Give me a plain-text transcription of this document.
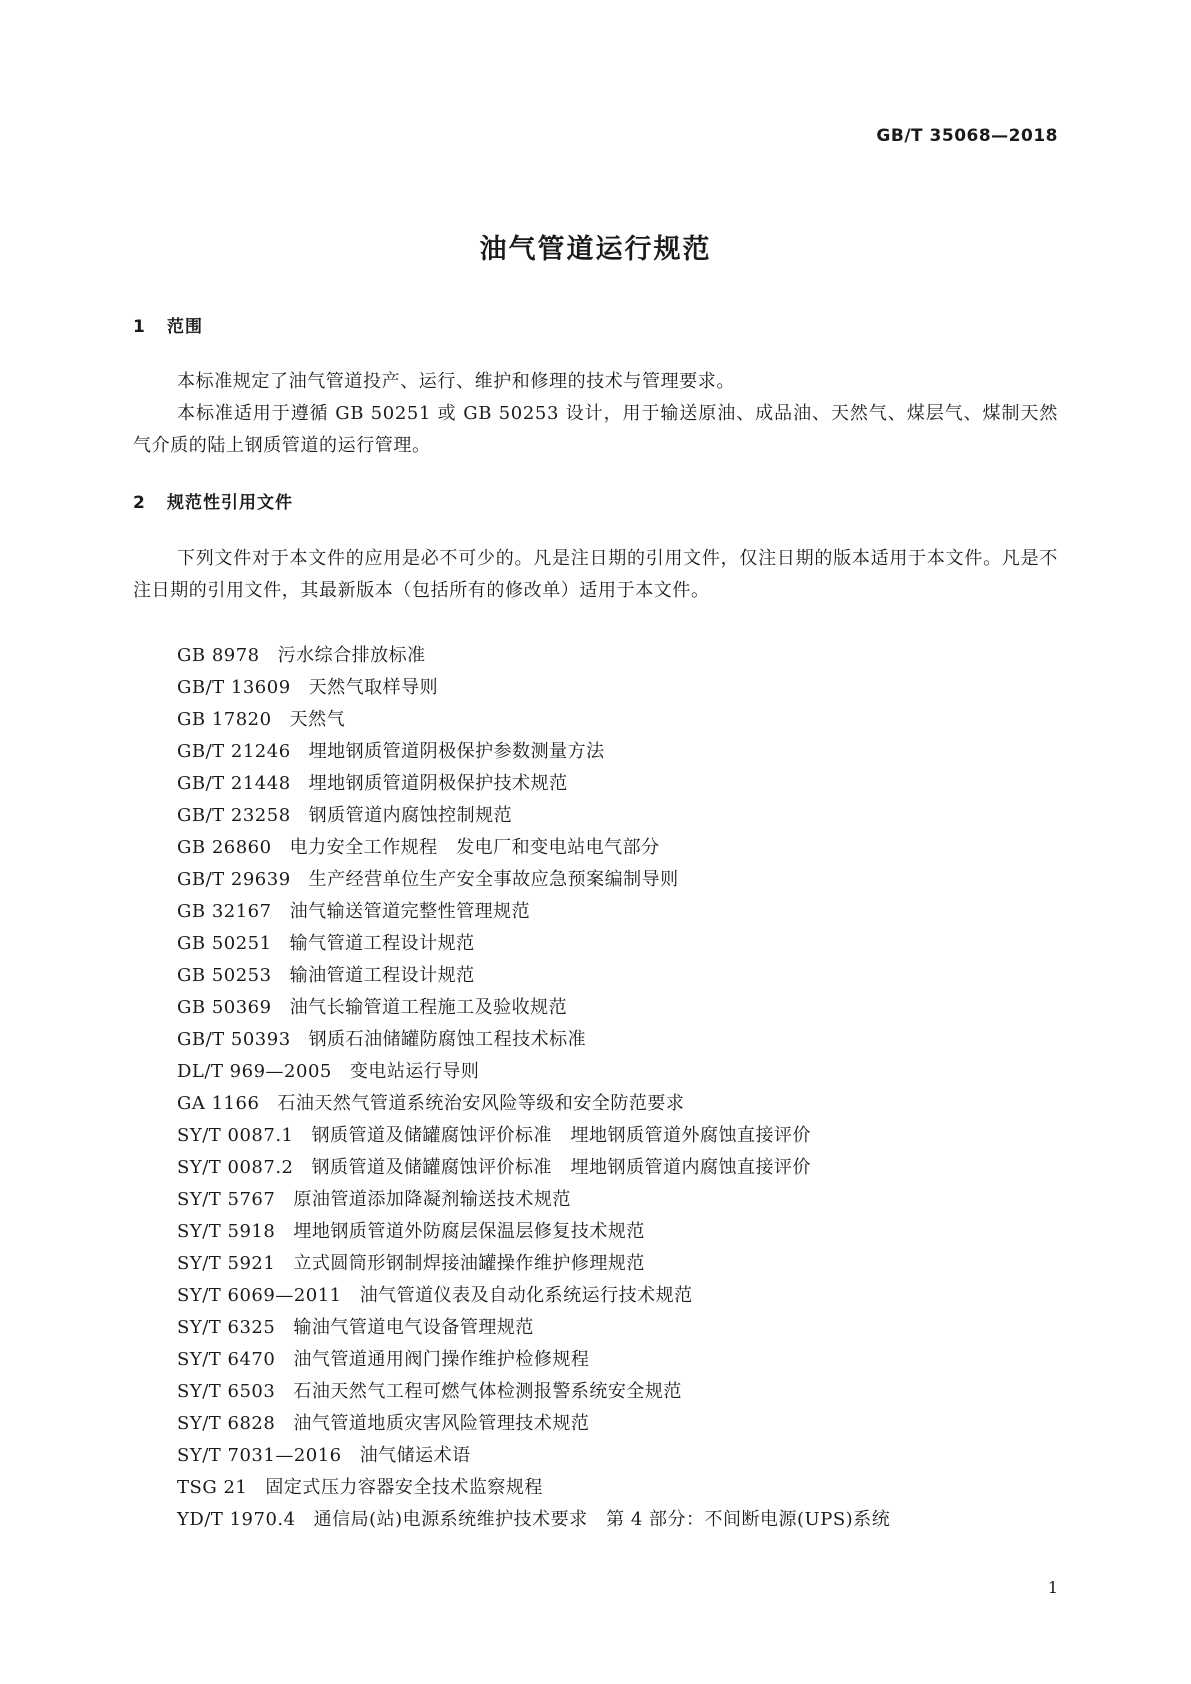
GB/T 35068—2018
油气管道运行规范
1 范围

本标准规定了油气管道投产、运行、维护和修理的技术与管理要求。

本标准适用于遵循 GB 50251 或 GB 50253 设计，用于输送原油、成品油、天然气、煤层气、煤制天然气介质的陆上钢质管道的运行管理。

2 规范性引用文件

下列文件对于本文件的应用是必不可少的。凡是注日期的引用文件，仅注日期的版本适用于本文件。凡是不注日期的引用文件，其最新版本（包括所有的修改单）适用于本文件。

GB 8978 污水综合排放标准
GB/T 13609 天然气取样导则
GB 17820 天然气
GB/T 21246 埋地钢质管道阴极保护参数测量方法
GB/T 21448 埋地钢质管道阴极保护技术规范
GB/T 23258 钢质管道内腐蚀控制规范
GB 26860 电力安全工作规程　发电厂和变电站电气部分
GB/T 29639 生产经营单位生产安全事故应急预案编制导则
GB 32167 油气输送管道完整性管理规范
GB 50251 输气管道工程设计规范
GB 50253 输油管道工程设计规范
GB 50369 油气长输管道工程施工及验收规范
GB/T 50393 钢质石油储罐防腐蚀工程技术标准
DL/T 969—2005 变电站运行导则
GA 1166 石油天然气管道系统治安风险等级和安全防范要求
SY/T 0087.1 钢质管道及储罐腐蚀评价标准　埋地钢质管道外腐蚀直接评价
SY/T 0087.2 钢质管道及储罐腐蚀评价标准　埋地钢质管道内腐蚀直接评价
SY/T 5767 原油管道添加降凝剂输送技术规范
SY/T 5918 埋地钢质管道外防腐层保温层修复技术规范
SY/T 5921 立式圆筒形钢制焊接油罐操作维护修理规范
SY/T 6069—2011 油气管道仪表及自动化系统运行技术规范
SY/T 6325 输油气管道电气设备管理规范
SY/T 6470 油气管道通用阀门操作维护检修规程
SY/T 6503 石油天然气工程可燃气体检测报警系统安全规范
SY/T 6828 油气管道地质灾害风险管理技术规范
SY/T 7031—2016 油气储运术语
TSG 21 固定式压力容器安全技术监察规程
YD/T 1970.4 通信局(站)电源系统维护技术要求　第 4 部分：不间断电源(UPS)系统
1
